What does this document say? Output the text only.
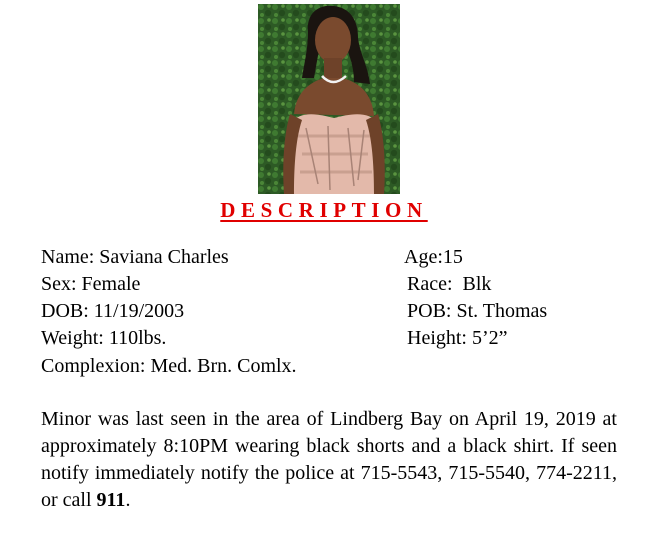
DESCRIPTION
Name: Saviana Charles	Age:15
Sex: Female	Race:  Blk
DOB: 11/19/2003	POB: St. Thomas
Weight: 110lbs.	Height: 5’2”
Complexion: Med. Brn. Comlx.
Minor was last seen in the area of Lindberg Bay on April 19, 2019 at approximately 8:10PM wearing black shorts and a black shirt. If seen notify immediately notify the police at 715-5543, 715-5540, 774-2211, or call 911.
